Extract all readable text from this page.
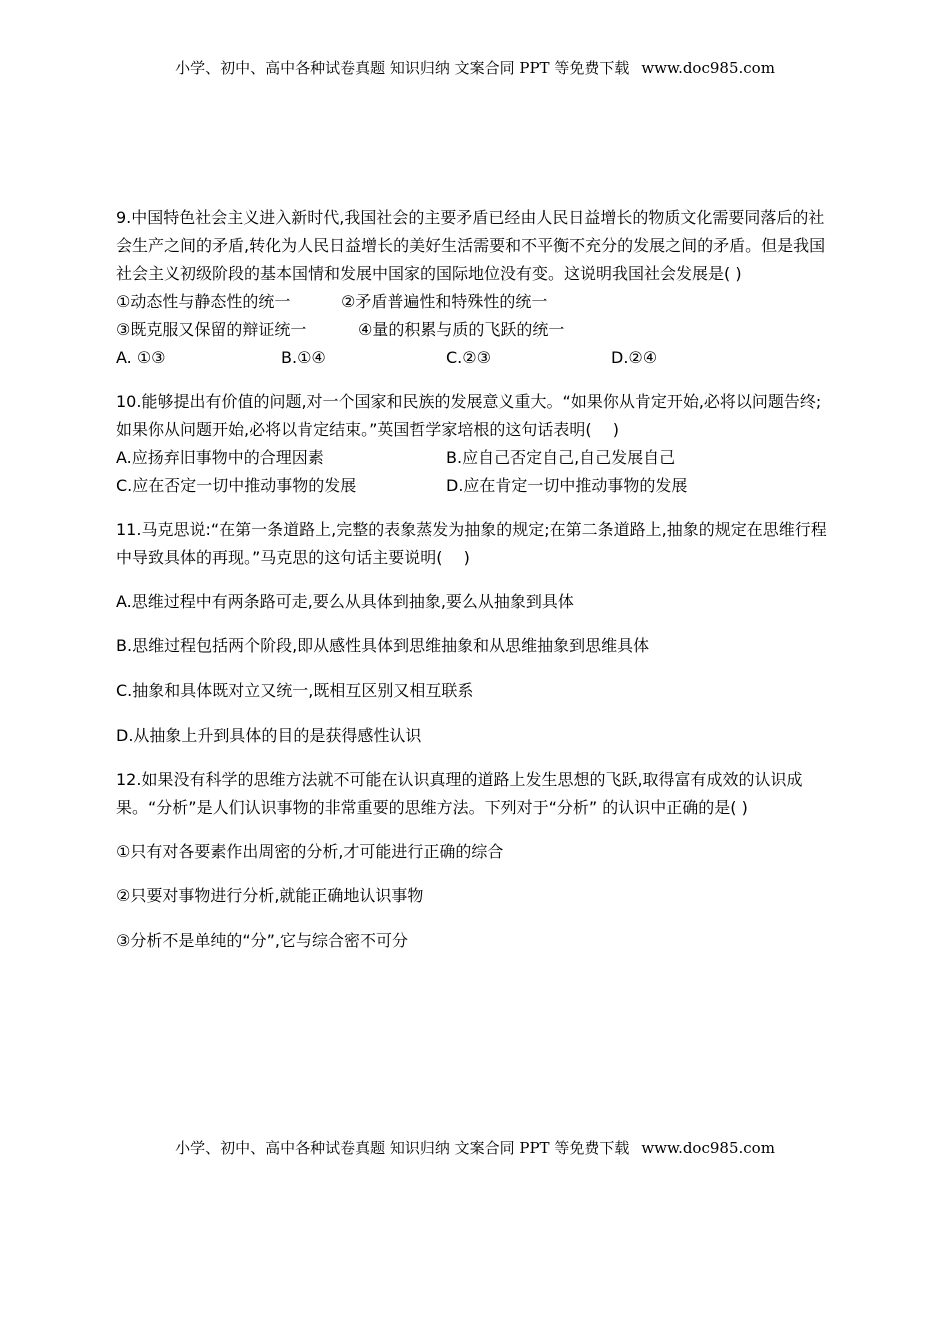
小学、初中、高中各种试卷真题 知识归纳 文案合同 PPT 等免费下载 www.doc985.com

9.中国特色社会主义进入新时代,我国社会的主要矛盾已经由人民日益增长的物质文化需要同落后的社会生产之间的矛盾,转化为人民日益增长的美好生活需要和不平衡不充分的发展之间的矛盾。但是我国社会主义初级阶段的基本国情和发展中国家的国际地位没有变。这说明我国社会发展是( )

①动态性与静态性的统一	②矛盾普遍性和特殊性的统一
③既克服又保留的辩证统一	④量的积累与质的飞跃的统一
A. ①③	B.①④	C.②③	D.②④

10.能够提出有价值的问题,对一个国家和民族的发展意义重大。“如果你从肯定开始,必将以问题告终;如果你从问题开始,必将以肯定结束。”英国哲学家培根的这句话表明(　 )

A.应扬弃旧事物中的合理因素	B.应自己否定自己,自己发展自己
C.应在否定一切中推动事物的发展	D.应在肯定一切中推动事物的发展

11.马克思说:“在第一条道路上,完整的表象蒸发为抽象的规定;在第二条道路上,抽象的规定在思维行程中导致具体的再现。”马克思的这句话主要说明(　 )

A.思维过程中有两条路可走,要么从具体到抽象,要么从抽象到具体

B.思维过程包括两个阶段,即从感性具体到思维抽象和从思维抽象到思维具体

C.抽象和具体既对立又统一,既相互区别又相互联系

D.从抽象上升到具体的目的是获得感性认识

12.如果没有科学的思维方法就不可能在认识真理的道路上发生思想的飞跃,取得富有成效的认识成果。“分析”是人们认识事物的非常重要的思维方法。下列对于“分析” 的认识中正确的是( )

①只有对各要素作出周密的分析,才可能进行正确的综合

②只要对事物进行分析,就能正确地认识事物

③分析不是单纯的“分”,它与综合密不可分

小学、初中、高中各种试卷真题 知识归纳 文案合同 PPT 等免费下载 www.doc985.com
